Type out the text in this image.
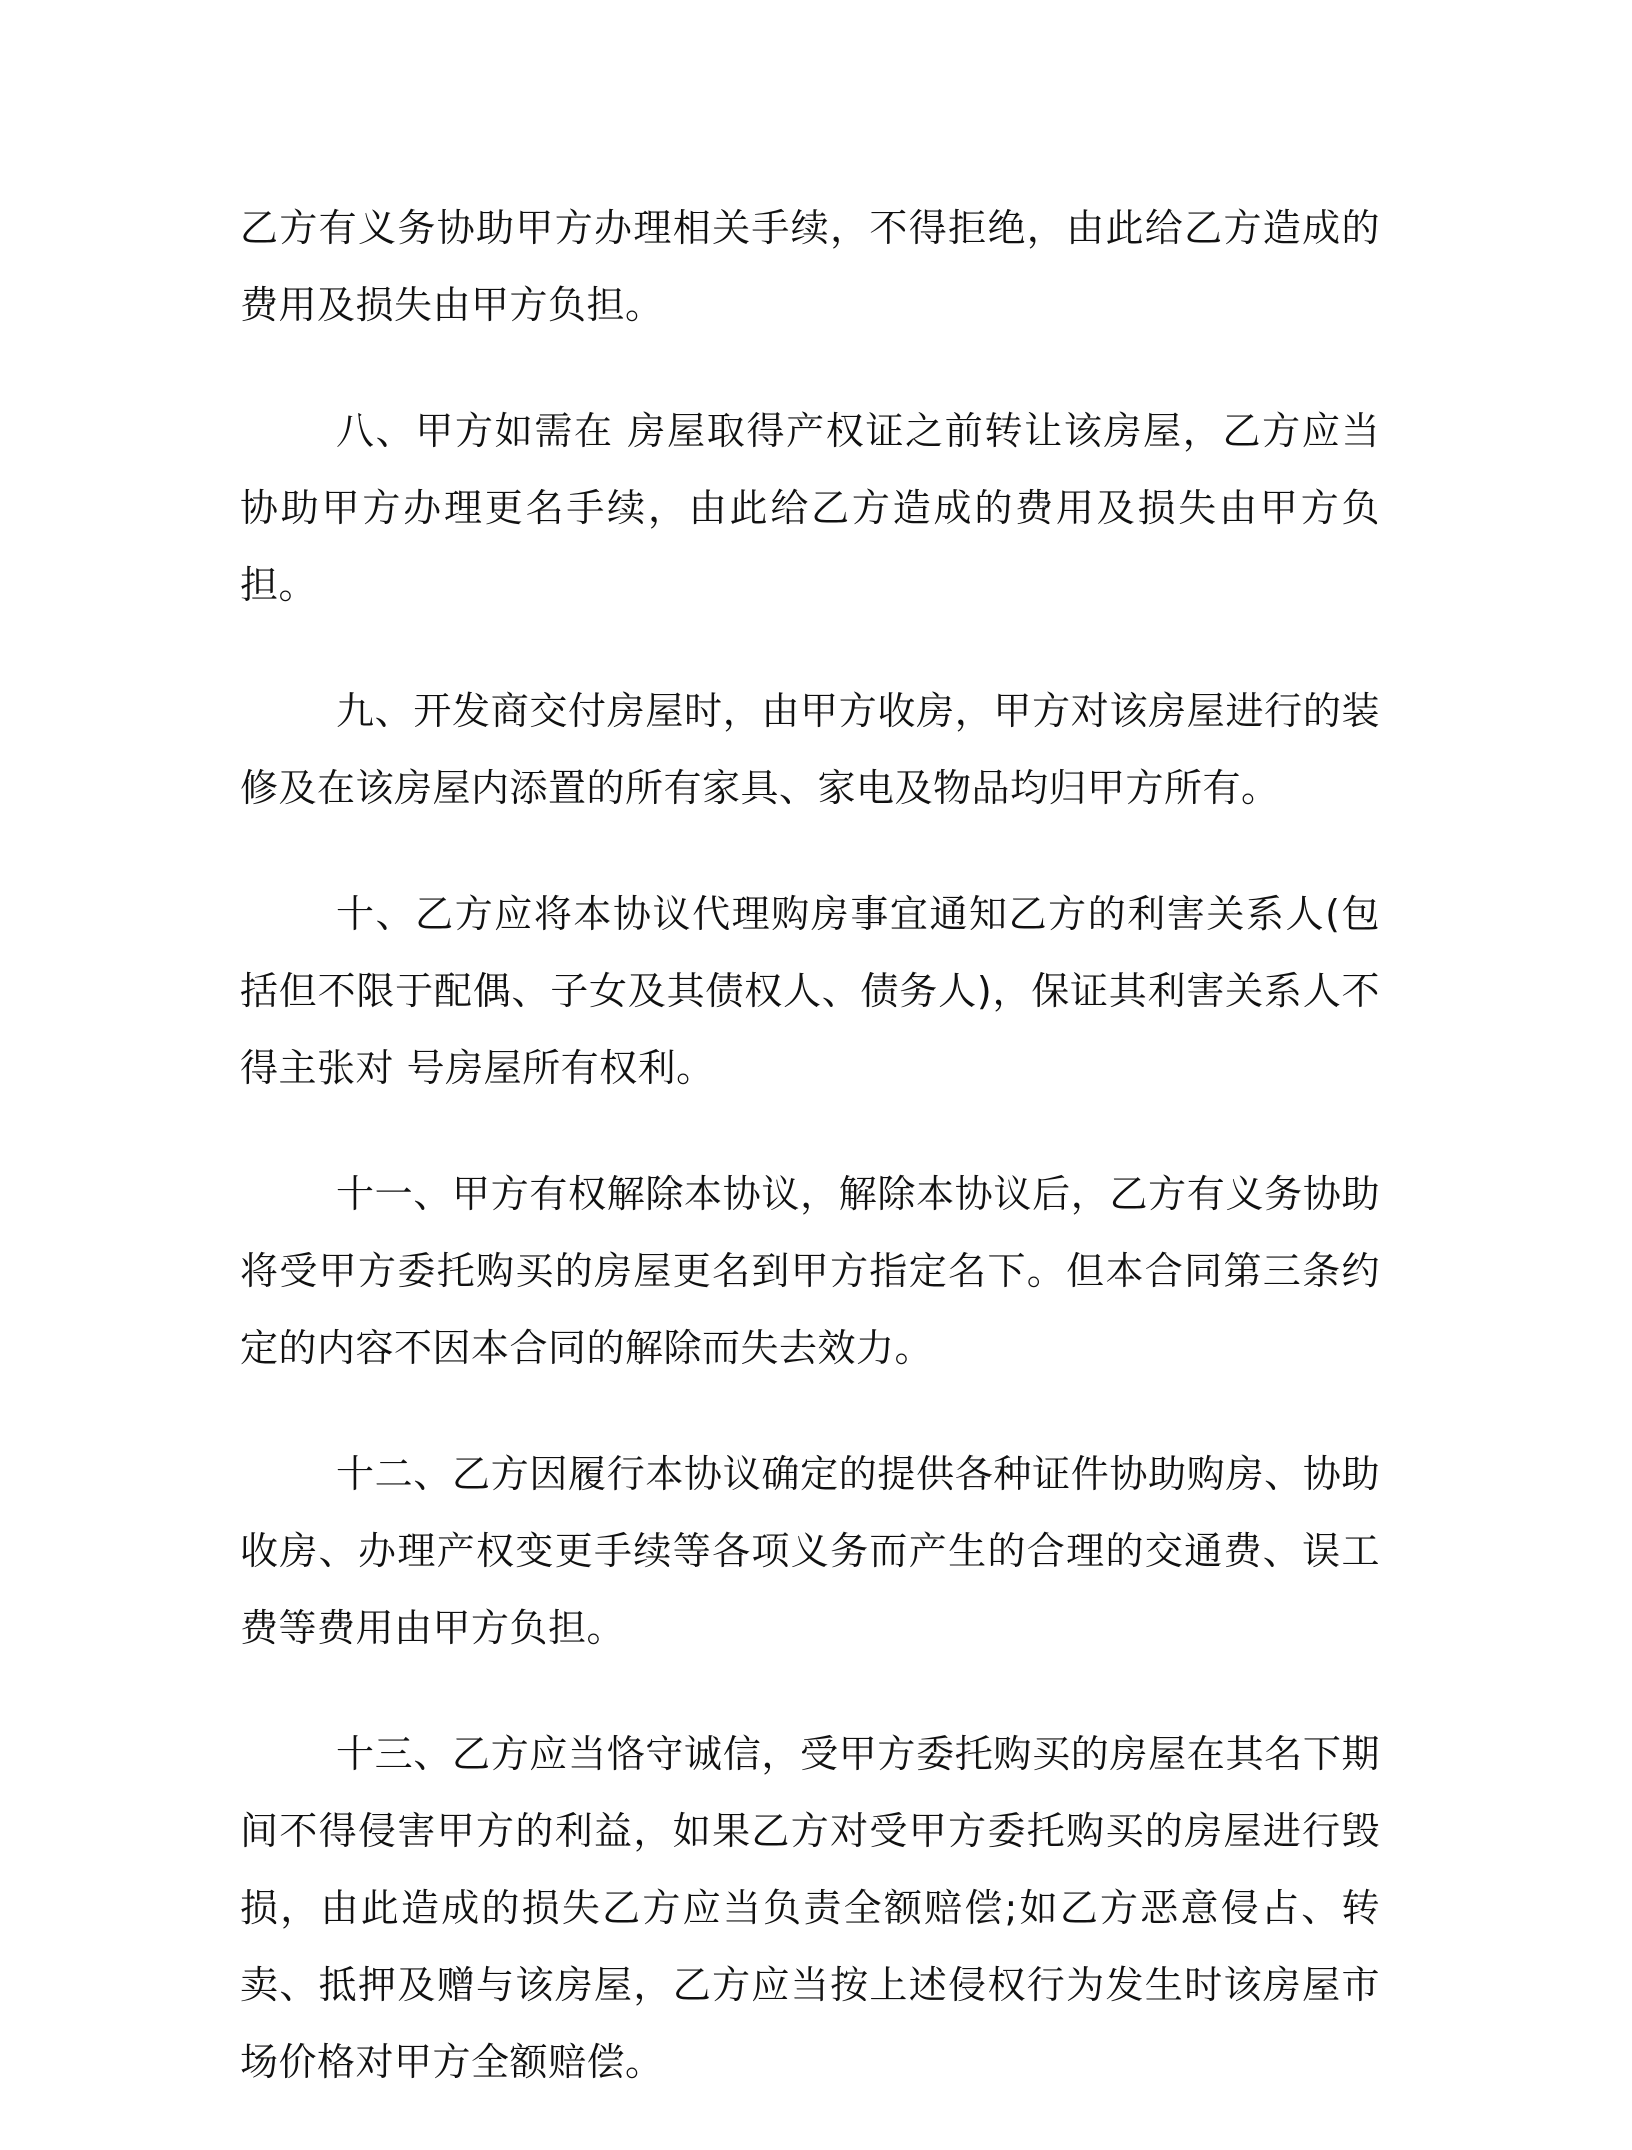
乙方有义务协助甲方办理相关手续，不得拒绝，由此给乙方造成的费用及损失由甲方负担。

八、甲方如需在 房屋取得产权证之前转让该房屋，乙方应当协助甲方办理更名手续，由此给乙方造成的费用及损失由甲方负担。

九、开发商交付房屋时，由甲方收房，甲方对该房屋进行的装修及在该房屋内添置的所有家具、家电及物品均归甲方所有。

十、乙方应将本协议代理购房事宜通知乙方的利害关系人(包括但不限于配偶、子女及其债权人、债务人)，保证其利害关系人不得主张对 号房屋所有权利。

十一、甲方有权解除本协议，解除本协议后，乙方有义务协助将受甲方委托购买的房屋更名到甲方指定名下。但本合同第三条约定的内容不因本合同的解除而失去效力。

十二、乙方因履行本协议确定的提供各种证件协助购房、协助收房、办理产权变更手续等各项义务而产生的合理的交通费、误工费等费用由甲方负担。

十三、乙方应当恪守诚信，受甲方委托购买的房屋在其名下期间不得侵害甲方的利益，如果乙方对受甲方委托购买的房屋进行毁损，由此造成的损失乙方应当负责全额赔偿;如乙方恶意侵占、转卖、抵押及赠与该房屋，乙方应当按上述侵权行为发生时该房屋市场价格对甲方全额赔偿。
